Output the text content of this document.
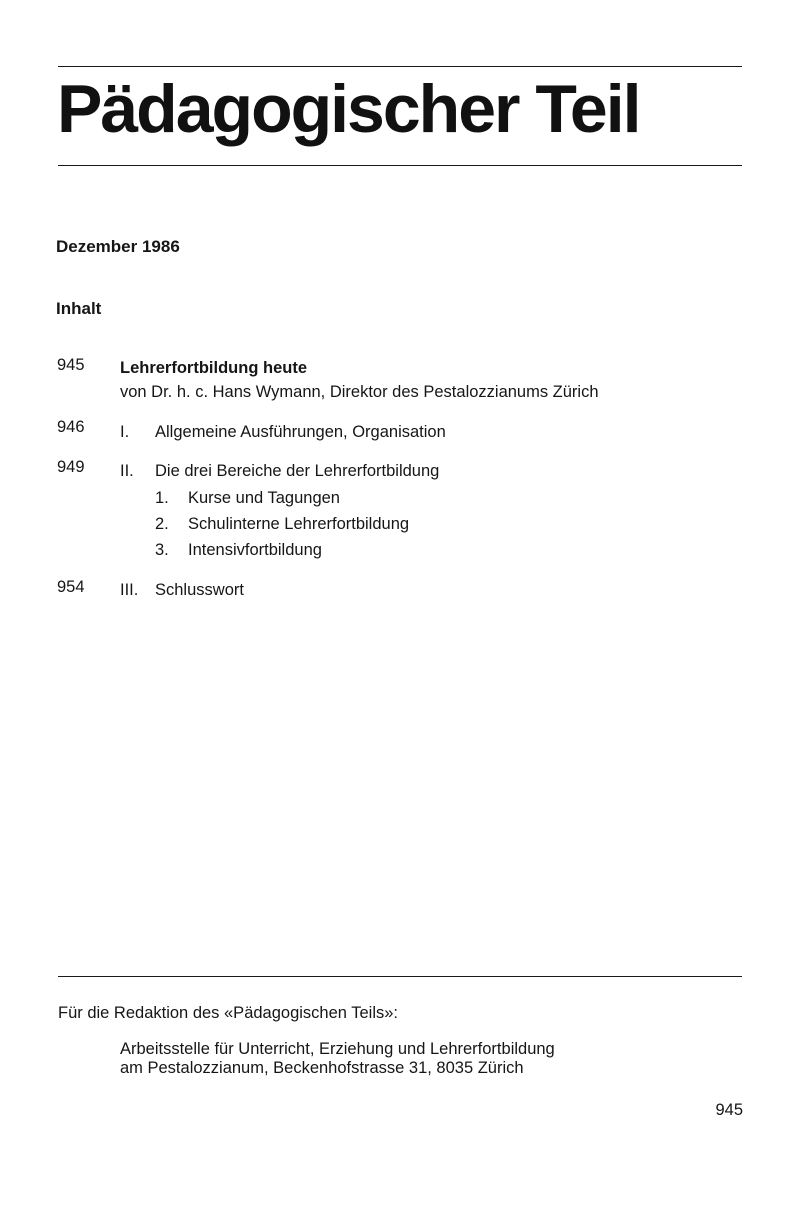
Pädagogischer Teil
Dezember 1986
Inhalt
945 Lehrerfortbildung heute
von Dr. h. c. Hans Wymann, Direktor des Pestalozzianums Zürich
946 I. Allgemeine Ausführungen, Organisation
949 II. Die drei Bereiche der Lehrerfortbildung
1. Kurse und Tagungen
2. Schulinterne Lehrerfortbildung
3. Intensivfortbildung
954 III. Schlusswort
Für die Redaktion des «Pädagogischen Teils»:
Arbeitsstelle für Unterricht, Erziehung und Lehrerfortbildung
am Pestalozzianum, Beckenhofstrasse 31, 8035 Zürich
945
